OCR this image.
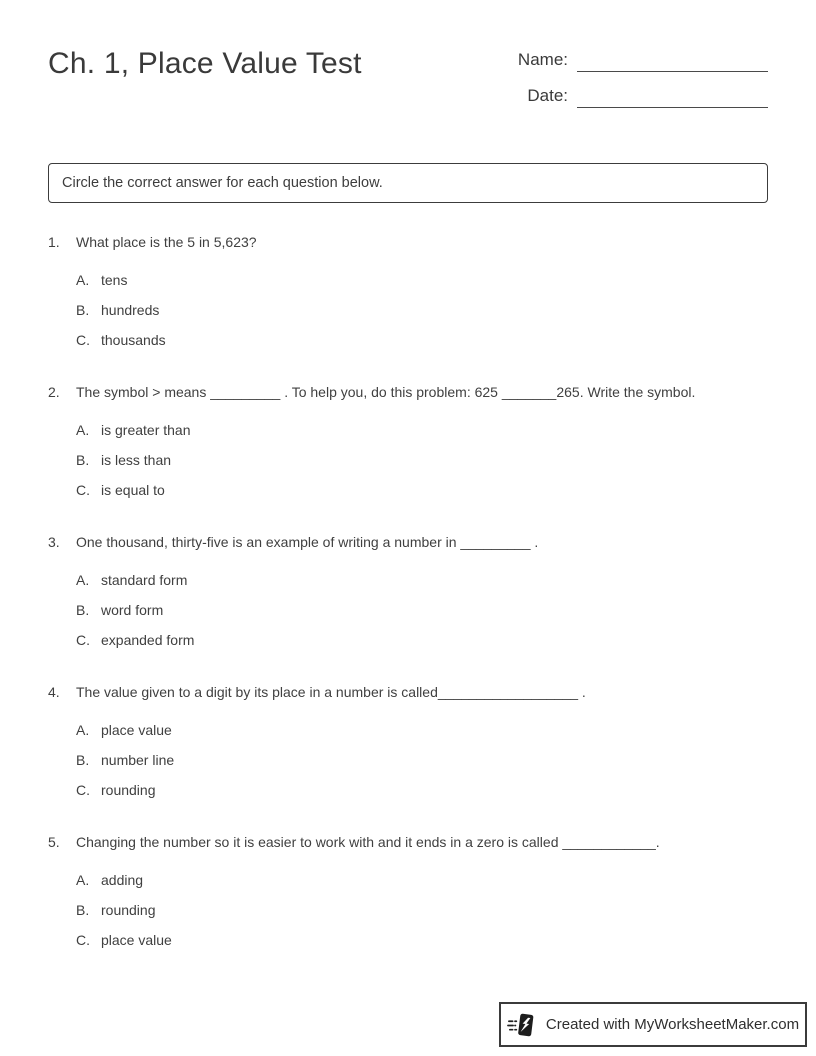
Ch. 1, Place Value Test	Name:
Date:
Circle the correct answer for each question below.
1.	What place is the 5 in 5,623?
A. tens
B. hundreds
C. thousands
2.	The symbol > means _________ . To help you, do this problem: 625 _______265. Write the symbol.
A. is greater than
B. is less than
C. is equal to
3.	One thousand, thirty-five is an example of writing a number in _________ .
A. standard form
B. word form
C. expanded form
4.	The value given to a digit by its place in a number is called__________________ .
A. place value
B. number line
C. rounding
5.	Changing the number so it is easier to work with and it ends in a zero is called ____________.
A. adding
B. rounding
C. place value
Created with MyWorksheetMaker.com
